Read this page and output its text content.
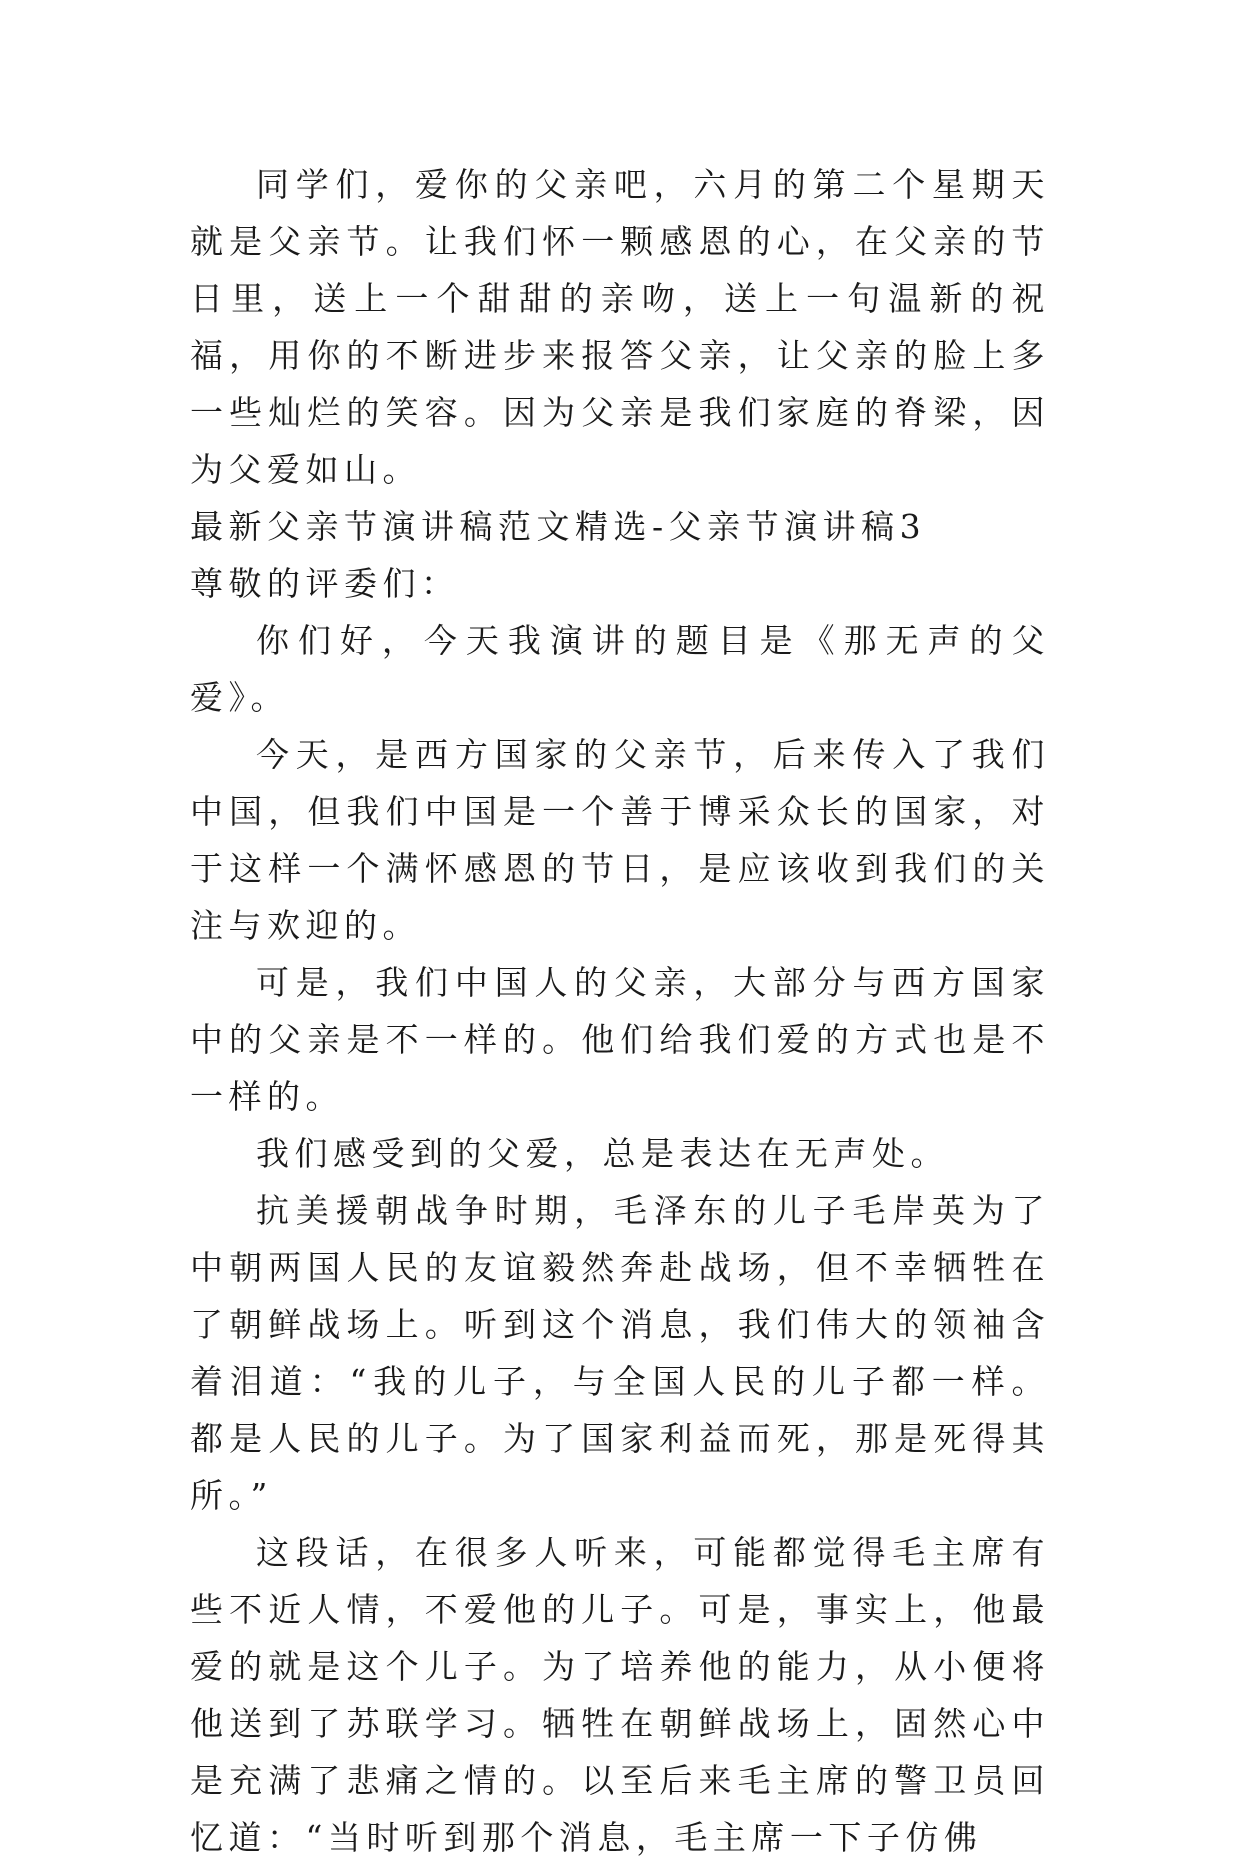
同学们，爱你的父亲吧，六月的第二个星期天就是父亲节。让我们怀一颗感恩的心，在父亲的节日里，送上一个甜甜的亲吻，送上一句温新的祝福，用你的不断进步来报答父亲，让父亲的脸上多一些灿烂的笑容。因为父亲是我们家庭的脊梁，因为父爱如山。

最新父亲节演讲稿范文精选-父亲节演讲稿3

尊敬的评委们：

你们好，今天我演讲的题目是《那无声的父爱》。

今天，是西方国家的父亲节，后来传入了我们中国，但我们中国是一个善于博采众长的国家，对于这样一个满怀感恩的节日，是应该收到我们的关注与欢迎的。

可是，我们中国人的父亲，大部分与西方国家中的父亲是不一样的。他们给我们爱的方式也是不一样的。

我们感受到的父爱，总是表达在无声处。

抗美援朝战争时期，毛泽东的儿子毛岸英为了中朝两国人民的友谊毅然奔赴战场，但不幸牺牲在了朝鲜战场上。听到这个消息，我们伟大的领袖含着泪道：“我的儿子，与全国人民的儿子都一样。都是人民的儿子。为了国家利益而死，那是死得其所。”

这段话，在很多人听来，可能都觉得毛主席有些不近人情，不爱他的儿子。可是，事实上，他最爱的就是这个儿子。为了培养他的能力，从小便将他送到了苏联学习。牺牲在朝鲜战场上，固然心中是充满了悲痛之情的。以至后来毛主席的警卫员回忆道：“当时听到那个消息，毛主席一下子仿佛
